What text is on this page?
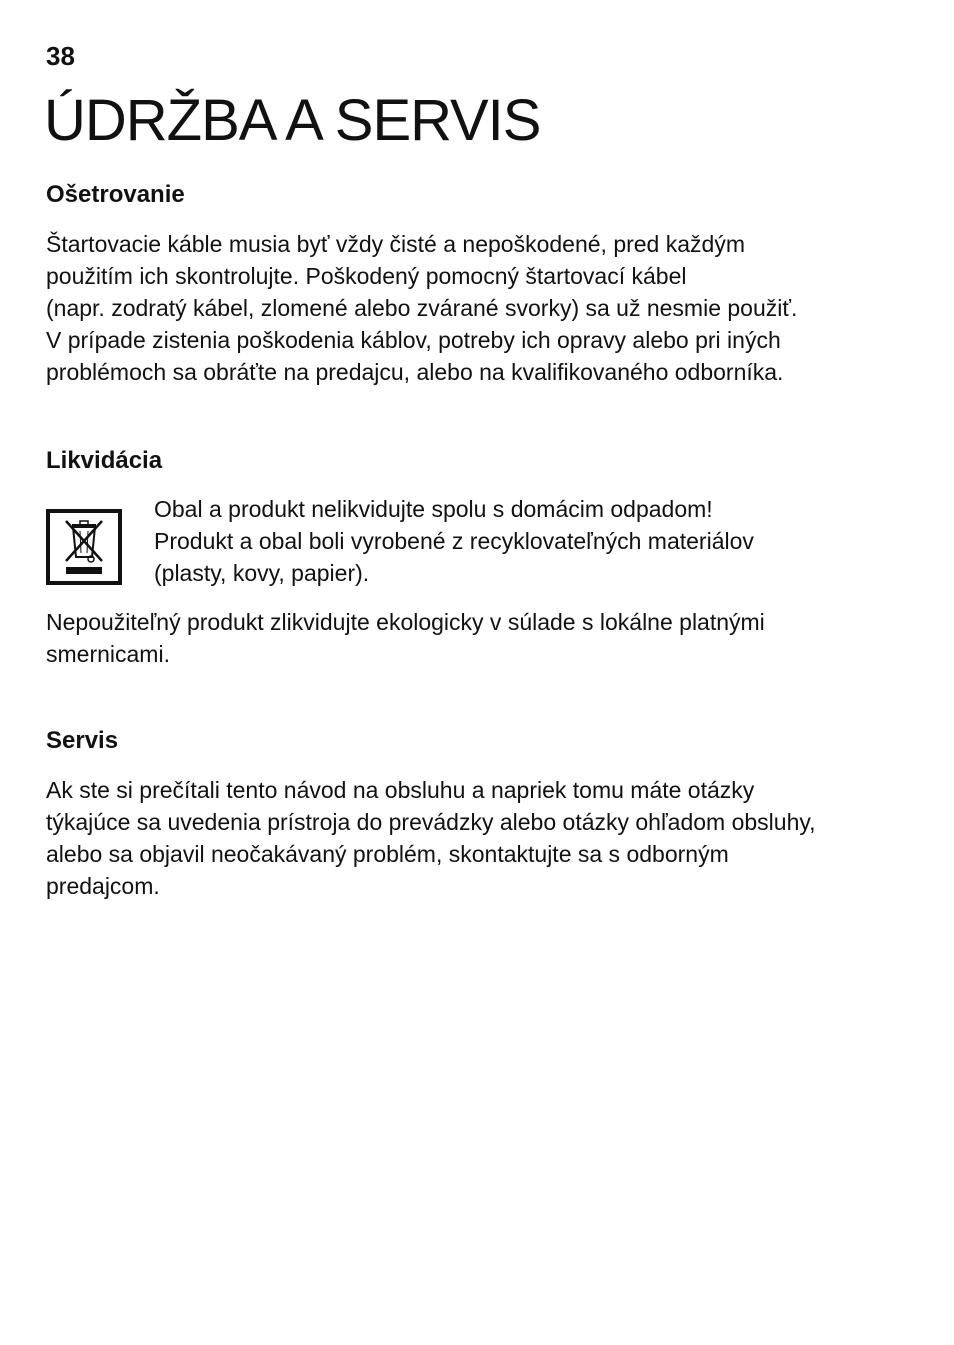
38
ÚDRŽBA A SERVIS
Ošetrovanie

Štartovacie káble musia byť vždy čisté a nepoškodené, pred každým
použitím ich skontrolujte. Poškodený pomocný štartovací kábel
(napr. zodratý kábel, zlomené alebo zvárané svorky) sa už nesmie použiť.
V prípade zistenia poškodenia káblov, potreby ich opravy alebo pri iných
problémoch sa obráťte na predajcu, alebo na kvalifikovaného odborníka.

Likvidácia

Obal a produkt nelikvidujte spolu s domácim odpadom!
Produkt a obal boli vyrobené z recyklovateľných materiálov
(plasty, kovy, papier).

Nepoužiteľný produkt zlikvidujte ekologicky v súlade s lokálne platnými
smernicami.

Servis

Ak ste si prečítali tento návod na obsluhu a napriek tomu máte otázky
týkajúce sa uvedenia prístroja do prevádzky alebo otázky ohľadom obsluhy,
alebo sa objavil neočakávaný problém, skontaktujte sa s odborným
predajcom.
